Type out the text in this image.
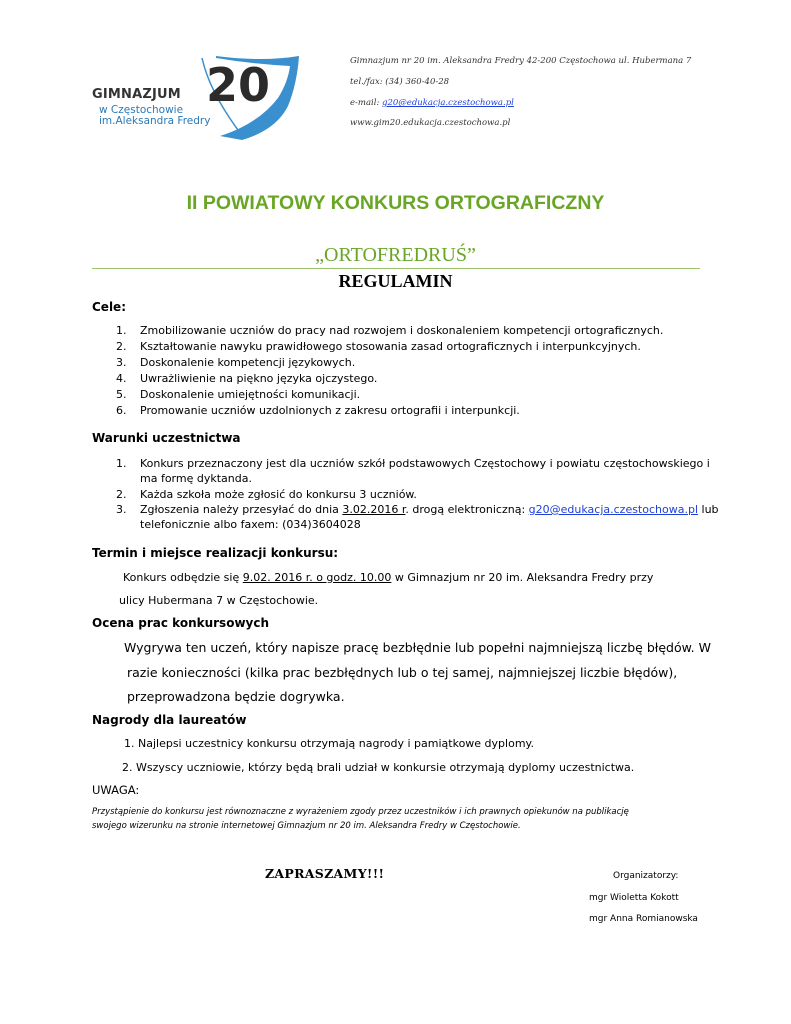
20
GIMNAZJUM
w Częstochowie
im.Aleksandra Fredry
Gimnazjum nr 20 im. Aleksandra Fredry 42-200 Częstochowa ul. Hubermana 7
tel./fax: (34) 360-40-28
e-mail: g20@edukacja.czestochowa.pl
www.gim20.edukacja.czestochowa.pl
II POWIATOWY KONKURS ORTOGRAFICZNY
„ORTOFREDRUŚ”
REGULAMIN
Cele:
1. Zmobilizowanie uczniów do pracy nad rozwojem i doskonaleniem kompetencji ortograficznych.
2. Kształtowanie nawyku prawidłowego stosowania zasad ortograficznych i interpunkcyjnych.
3. Doskonalenie kompetencji językowych.
4. Uwrażliwienie na piękno języka ojczystego.
5. Doskonalenie umiejętności komunikacji.
6. Promowanie uczniów uzdolnionych z zakresu ortografii i interpunkcji.
Warunki uczestnictwa
1. Konkurs przeznaczony jest dla uczniów szkół podstawowych Częstochowy i powiatu częstochowskiego i
ma formę dyktanda.
2. Każda szkoła może zgłosić do konkursu 3 uczniów.
3. Zgłoszenia należy przesyłać do dnia 3.02.2016 r. drogą elektroniczną: g20@edukacja.czestochowa.pl lub
telefonicznie albo faxem: (034)3604028
Termin i miejsce realizacji konkursu:
Konkurs odbędzie się 9.02. 2016 r. o godz. 10.00 w Gimnazjum nr 20 im. Aleksandra Fredry przy
ulicy Hubermana 7 w Częstochowie.
Ocena prac konkursowych
Wygrywa ten uczeń, który napisze pracę bezbłędnie lub popełni najmniejszą liczbę błędów. W
razie konieczności (kilka prac bezbłędnych lub o tej samej, najmniejszej liczbie błędów),
przeprowadzona będzie dogrywka.
Nagrody dla laureatów
1. Najlepsi uczestnicy konkursu otrzymają nagrody i pamiątkowe dyplomy.
2. Wszyscy uczniowie, którzy będą brali udział w konkursie otrzymają dyplomy uczestnictwa.
UWAGA:
Przystąpienie do konkursu jest równoznaczne z wyrażeniem zgody przez uczestników i ich prawnych opiekunów na publikację
swojego wizerunku na stronie internetowej Gimnazjum nr 20 im. Aleksandra Fredry w Częstochowie.
ZAPRASZAMY!!!	Organizatorzy:
mgr Wioletta Kokott
mgr Anna Romianowska
